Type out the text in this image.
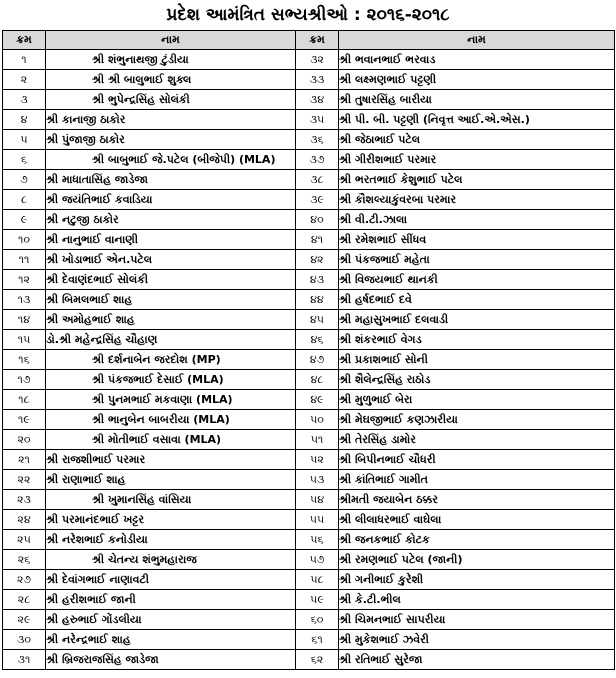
પ્રદેશ આમંત્રિત સભ્યશ્રીઓ : ૨૦૧૬-૨૦૧૮
ક્રમ	નામ	ક્રમ	નામ
૧	શ્રી શંભુનાથજી ટુંડીયા	૩૨	શ્રી ભવાનભાઈ ભરવાડ
૨	શ્રી શ્રી બાલુભાઈ શુક્લ	૩૩	શ્રી લક્ષ્મણભાઈ પટ્ટણી
૩	શ્રી ભુપેન્દ્રસિંહ સોલંકી	૩૪	શ્રી તુષારસિંહ બારીયા
૪	શ્રી કાનાજી ઠાકોર	૩૫	શ્રી પી. બી. પટ્ટણી (નિવૃત્ત આઈ.એ.એસ.)
૫	શ્રી પુંજાજી ઠાકોર	૩૬	શ્રી જેઠાભાઈ પટેલ
૬	શ્રી બાબુભાઈ જે.પટેલ (બીજેપી) (MLA)	૩૭	શ્રી ગીરીશભાઈ પરમાર
૭	શ્રી માધાતાસિંહ જાડેજા	૩૮	શ્રી ભરતભાઈ કેશુભાઈ પટેલ
૮	શ્રી જયંતિભાઈ કવાડિયા	૩૯	શ્રી કૌશલ્યાકુંવરબા પરમાર
૯	શ્રી નટુજી ઠાકોર	૪૦	શ્રી વી.ટી.ઝાલા
૧૦	શ્રી નાનુભાઈ વાનાણી	૪૧	શ્રી રમેશભાઈ સીંધવ
૧૧	શ્રી ખોડાભાઈ એન.પટેલ	૪૨	શ્રી પંકજભાઈ મહેતા
૧૨	શ્રી દેવાણંદભાઈ સોલંકી	૪૩	શ્રી વિજયભાઈ થાનકી
૧૩	શ્રી બિમલભાઈ શાહ	૪૪	શ્રી હર્ષદભાઈ દવે
૧૪	શ્રી અમોહભાઈ શાહ	૪૫	શ્રી મહાસુખભાઈ દલવાડી
૧૫	ડો.શ્રી મહેન્દ્રસિંહ ચૌહાણ	૪૬	શ્રી શંકરભાઈ વેગડ
૧૬	શ્રી દર્શનાબેન જરદોશ (MP)	૪૭	શ્રી પ્રકાશભાઈ સોની
૧૭	શ્રી પંકજભાઈ દેસાઈ (MLA)	૪૮	શ્રી શૈલેન્દ્રસિંહ રાઠોડ
૧૮	શ્રી પુનમભાઈ મકવાણા (MLA)	૪૯	શ્રી મુળુભાઈ બેરા
૧૯	શ્રી ભાનુબેન બાબરીયા (MLA)	૫૦	શ્રી મેઘજીભાઈ કણઝારીયા
૨૦	શ્રી મોતીભાઈ વસાવા (MLA)	૫૧	શ્રી તેરસિંહ ડામોર
૨૧	શ્રી રાજશીભાઈ પરમાર	૫૨	શ્રી બિપીનભાઈ ચૌધરી
૨૨	શ્રી રાણાભાઈ શાહ	૫૩	શ્રી કાંતિભાઈ ગામીત
૨૩	શ્રી ખુમાનસિંહ વાંસિયા	૫૪	શ્રીમતી જયાબેન ઠક્કર
૨૪	શ્રી પરમાનંદભાઈ ખટ્ટર	૫૫	શ્રી લીલાધરભાઈ વાઘેલા
૨૫	શ્રી નરેશભાઈ કનોડીયા	૫૬	શ્રી જનકભાઈ કોટક
૨૬	શ્રી ચેતન્ય શંભુમહારાજ	૫૭	શ્રી રમણભાઈ પટેલ (જાની)
૨૭	શ્રી દેવાંગભાઈ નાણાવટી	૫૮	શ્રી ગનીભાઈ કુરેશી
૨૮	શ્રી હરીશભાઈ જાની	૫૯	શ્રી કે.ટી.ભીલ
૨૯	શ્રી હરુભાઈ ગોંડલીયા	૬૦	શ્રી ચિમનભાઈ સાપરીયા
૩૦	શ્રી નરેન્દ્રભાઈ શાહ	૬૧	શ્રી મુકેશભાઈ ઝવેરી
૩૧	શ્રી બ્રિજરાજસિંહ જાડેજા	૬૨	શ્રી રતિભાઈ સુરેજા
